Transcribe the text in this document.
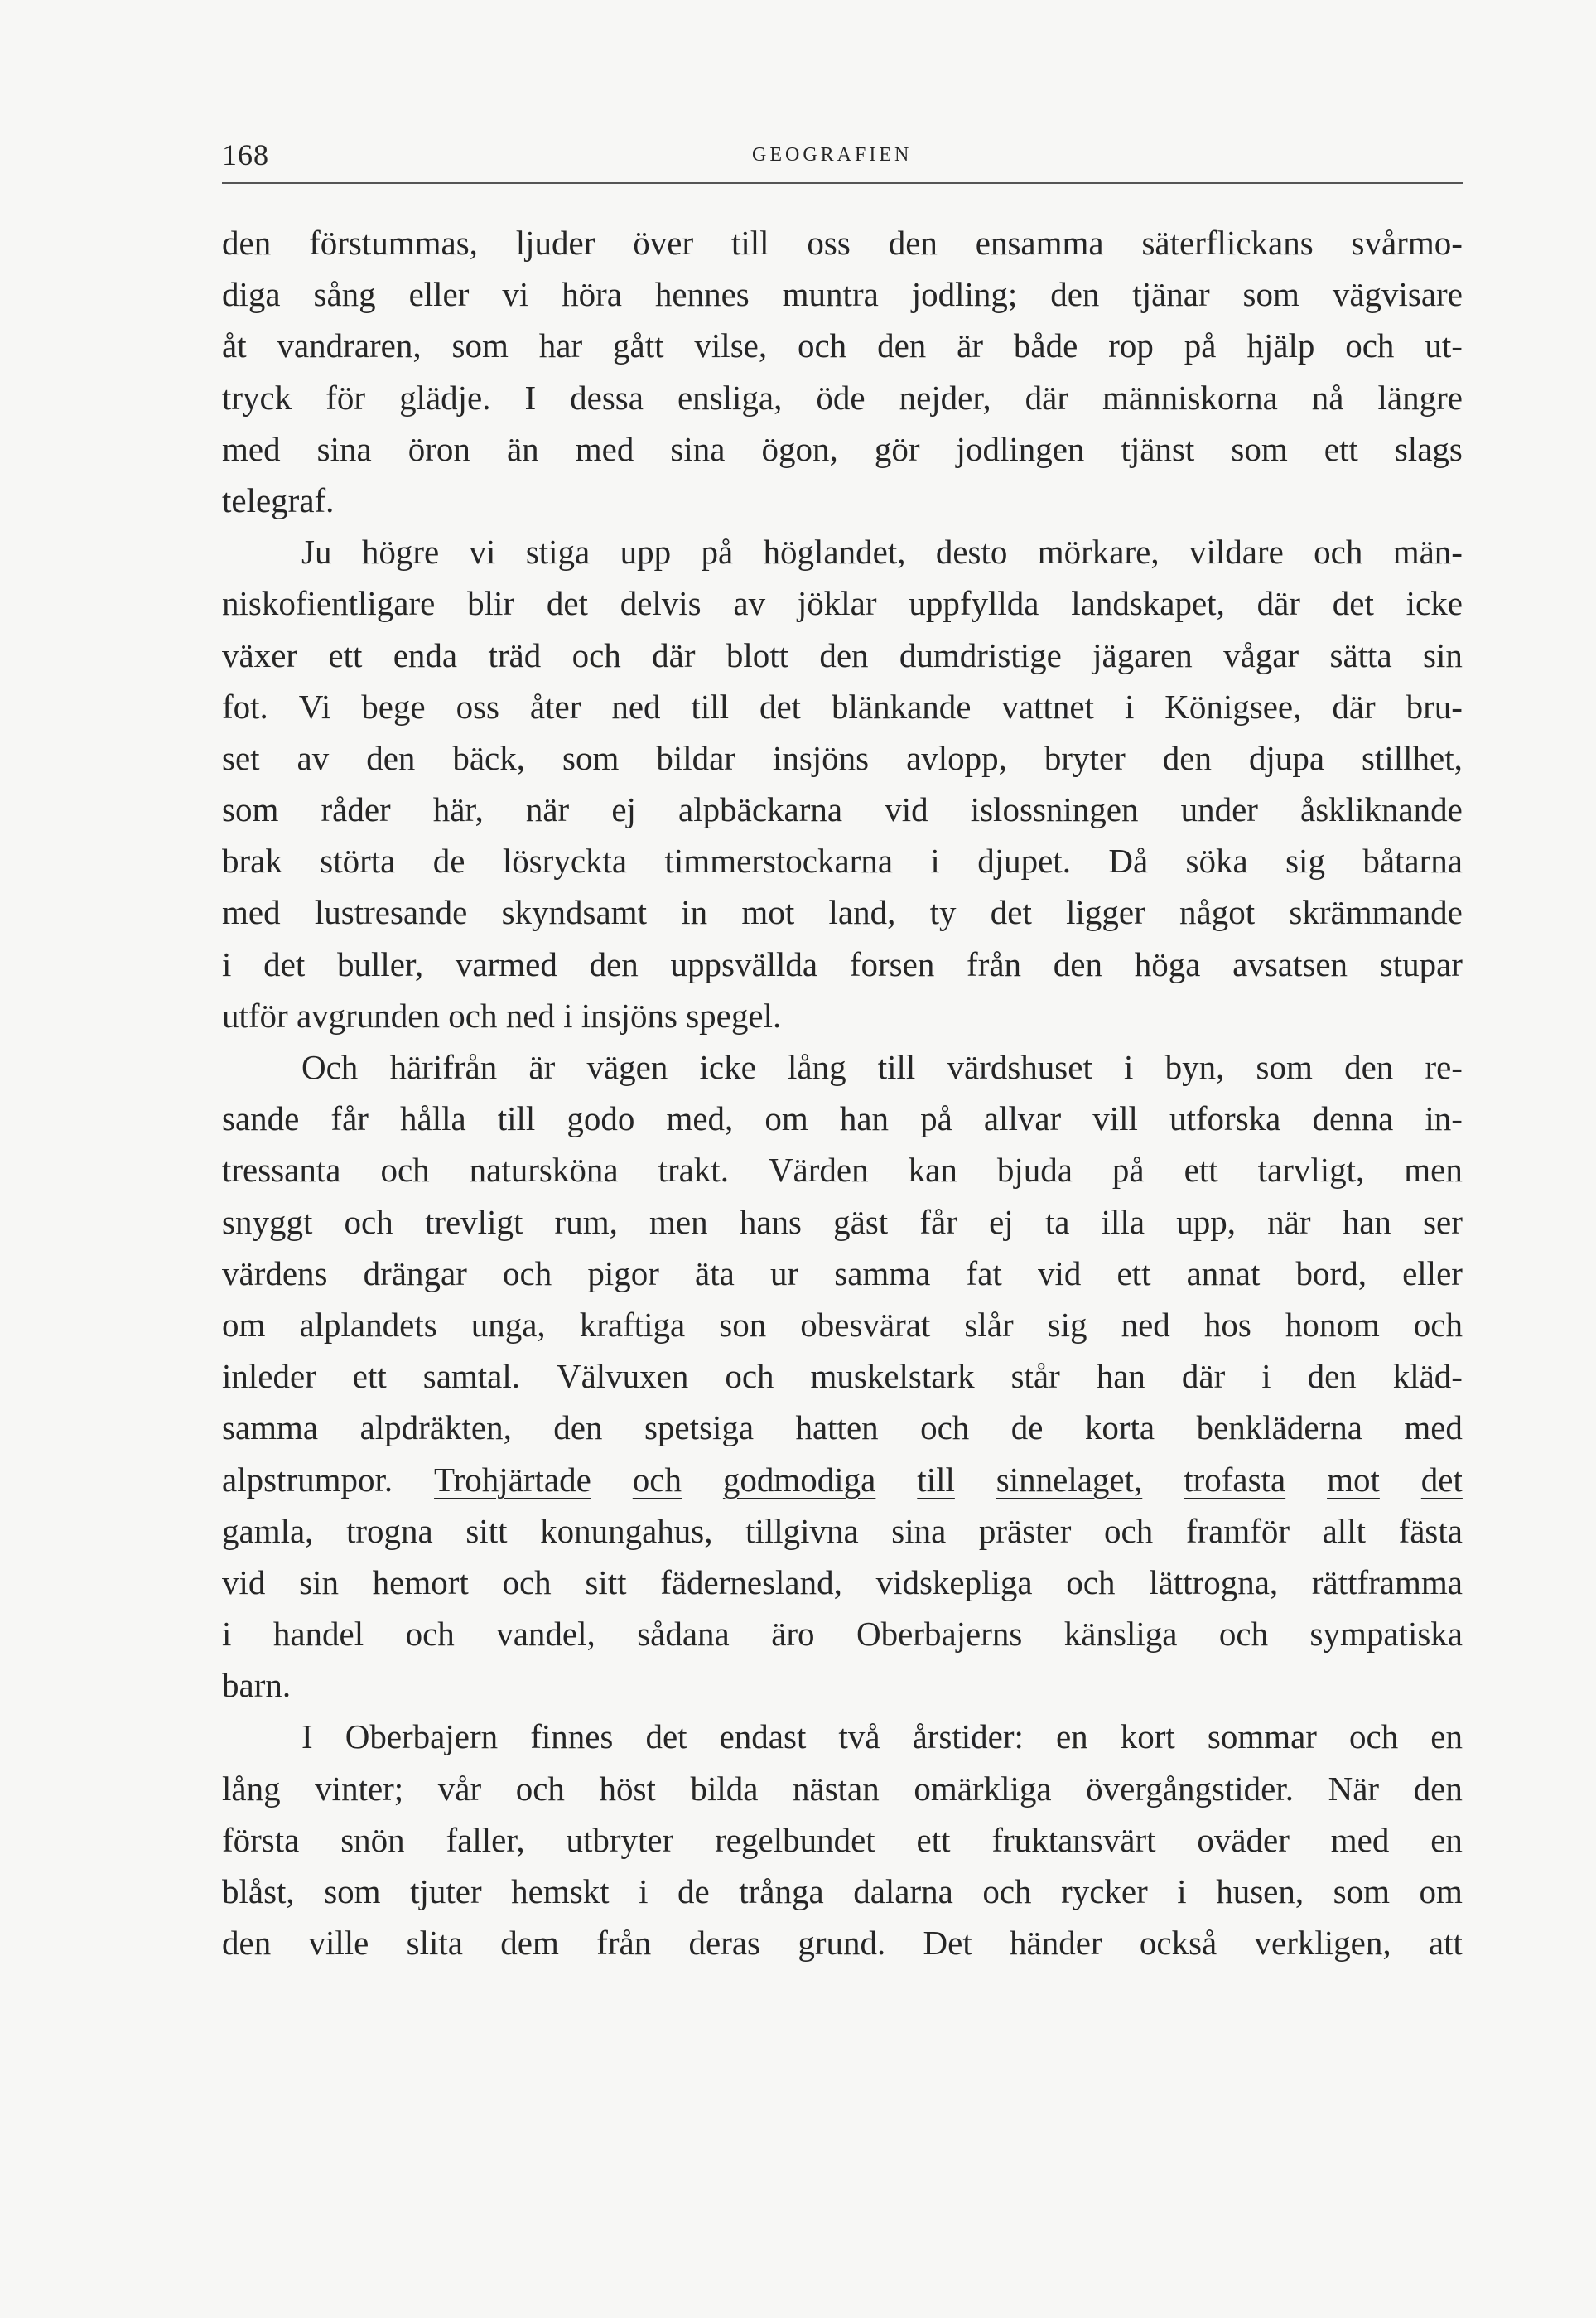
168	GEOGRAFIEN
den förstummas, ljuder över till oss den ensamma säterflickans svårmo-
diga sång eller vi höra hennes muntra jodling; den tjänar som vägvisare
åt vandraren, som har gått vilse, och den är både rop på hjälp och ut-
tryck för glädje. I dessa ensliga, öde nejder, där människorna nå längre
med sina öron än med sina ögon, gör jodlingen tjänst som ett slags
telegraf.
Ju högre vi stiga upp på höglandet, desto mörkare, vildare och män-
niskofientligare blir det delvis av jöklar uppfyllda landskapet, där det icke
växer ett enda träd och där blott den dumdristige jägaren vågar sätta sin
fot. Vi bege oss åter ned till det blänkande vattnet i Königsee, där bru-
set av den bäck, som bildar insjöns avlopp, bryter den djupa stillhet,
som råder här, när ej alpbäckarna vid islossningen under åskliknande
brak störta de lösryckta timmerstockarna i djupet. Då söka sig båtarna
med lustresande skyndsamt in mot land, ty det ligger något skrämmande
i det buller, varmed den uppsvällda forsen från den höga avsatsen stupar
utför avgrunden och ned i insjöns spegel.
Och härifrån är vägen icke lång till värdshuset i byn, som den re-
sande får hålla till godo med, om han på allvar vill utforska denna in-
tressanta och natursköna trakt. Värden kan bjuda på ett tarvligt, men
snyggt och trevligt rum, men hans gäst får ej ta illa upp, när han ser
värdens drängar och pigor äta ur samma fat vid ett annat bord, eller
om alplandets unga, kraftiga son obesvärat slår sig ned hos honom och
inleder ett samtal. Välvuxen och muskelstark står han där i den kläd-
samma alpdräkten, den spetsiga hatten och de korta benkläderna med
alpstrumpor. Trohjärtade och godmodiga till sinnelaget, trofasta mot det
gamla, trogna sitt konungahus, tillgivna sina präster och framför allt fästa
vid sin hemort och sitt fädernesland, vidskepliga och lättrogna, rättframma
i handel och vandel, sådana äro Oberbajerns känsliga och sympatiska
barn.
I Oberbajern finnes det endast två årstider: en kort sommar och en
lång vinter; vår och höst bilda nästan omärkliga övergångstider. När den
första snön faller, utbryter regelbundet ett fruktansvärt oväder med en
blåst, som tjuter hemskt i de trånga dalarna och rycker i husen, som om
den ville slita dem från deras grund. Det händer också verkligen, att
